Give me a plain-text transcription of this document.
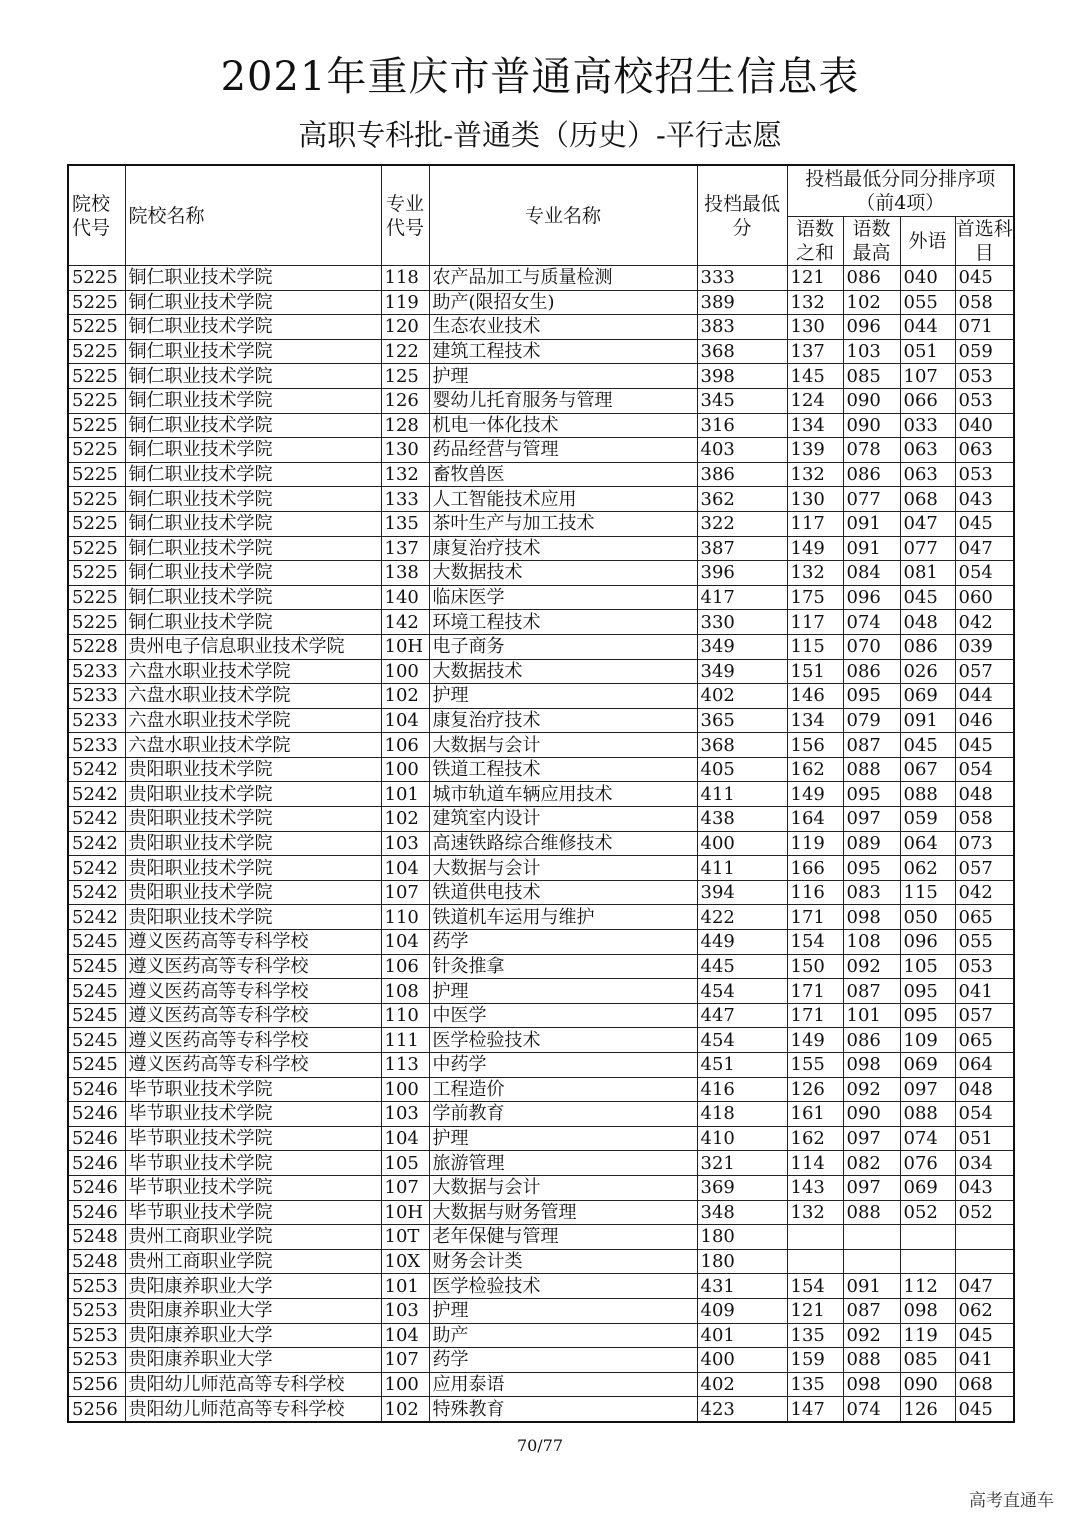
2021年重庆市普通高校招生信息表
高职专科批-普通类（历史）-平行志愿
院校代号	院校名称	专业代号	专业名称	投档最低分	投档最低分同分排序项（前4项）			
					语数之和	语数最高	外语	首选科目
5225	铜仁职业技术学院	118	农产品加工与质量检测	333	121	086	040	045
5225	铜仁职业技术学院	119	助产(限招女生)	389	132	102	055	058
5225	铜仁职业技术学院	120	生态农业技术	383	130	096	044	071
5225	铜仁职业技术学院	122	建筑工程技术	368	137	103	051	059
5225	铜仁职业技术学院	125	护理	398	145	085	107	053
5225	铜仁职业技术学院	126	婴幼儿托育服务与管理	345	124	090	066	053
5225	铜仁职业技术学院	128	机电一体化技术	316	134	090	033	040
5225	铜仁职业技术学院	130	药品经营与管理	403	139	078	063	063
5225	铜仁职业技术学院	132	畜牧兽医	386	132	086	063	053
5225	铜仁职业技术学院	133	人工智能技术应用	362	130	077	068	043
5225	铜仁职业技术学院	135	茶叶生产与加工技术	322	117	091	047	045
5225	铜仁职业技术学院	137	康复治疗技术	387	149	091	077	047
5225	铜仁职业技术学院	138	大数据技术	396	132	084	081	054
5225	铜仁职业技术学院	140	临床医学	417	175	096	045	060
5225	铜仁职业技术学院	142	环境工程技术	330	117	074	048	042
5228	贵州电子信息职业技术学院	10H	电子商务	349	115	070	086	039
5233	六盘水职业技术学院	100	大数据技术	349	151	086	026	057
5233	六盘水职业技术学院	102	护理	402	146	095	069	044
5233	六盘水职业技术学院	104	康复治疗技术	365	134	079	091	046
5233	六盘水职业技术学院	106	大数据与会计	368	156	087	045	045
5242	贵阳职业技术学院	100	铁道工程技术	405	162	088	067	054
5242	贵阳职业技术学院	101	城市轨道车辆应用技术	411	149	095	088	048
5242	贵阳职业技术学院	102	建筑室内设计	438	164	097	059	058
5242	贵阳职业技术学院	103	高速铁路综合维修技术	400	119	089	064	073
5242	贵阳职业技术学院	104	大数据与会计	411	166	095	062	057
5242	贵阳职业技术学院	107	铁道供电技术	394	116	083	115	042
5242	贵阳职业技术学院	110	铁道机车运用与维护	422	171	098	050	065
5245	遵义医药高等专科学校	104	药学	449	154	108	096	055
5245	遵义医药高等专科学校	106	针灸推拿	445	150	092	105	053
5245	遵义医药高等专科学校	108	护理	454	171	087	095	041
5245	遵义医药高等专科学校	110	中医学	447	171	101	095	057
5245	遵义医药高等专科学校	111	医学检验技术	454	149	086	109	065
5245	遵义医药高等专科学校	113	中药学	451	155	098	069	064
5246	毕节职业技术学院	100	工程造价	416	126	092	097	048
5246	毕节职业技术学院	103	学前教育	418	161	090	088	054
5246	毕节职业技术学院	104	护理	410	162	097	074	051
5246	毕节职业技术学院	105	旅游管理	321	114	082	076	034
5246	毕节职业技术学院	107	大数据与会计	369	143	097	069	043
5246	毕节职业技术学院	10H	大数据与财务管理	348	132	088	052	052
5248	贵州工商职业学院	10T	老年保健与管理	180				
5248	贵州工商职业学院	10X	财务会计类	180				
5253	贵阳康养职业大学	101	医学检验技术	431	154	091	112	047
5253	贵阳康养职业大学	103	护理	409	121	087	098	062
5253	贵阳康养职业大学	104	助产	401	135	092	119	045
5253	贵阳康养职业大学	107	药学	400	159	088	085	041
5256	贵阳幼儿师范高等专科学校	100	应用泰语	402	135	098	090	068
5256	贵阳幼儿师范高等专科学校	102	特殊教育	423	147	074	126	045
70/77
高考直通车
